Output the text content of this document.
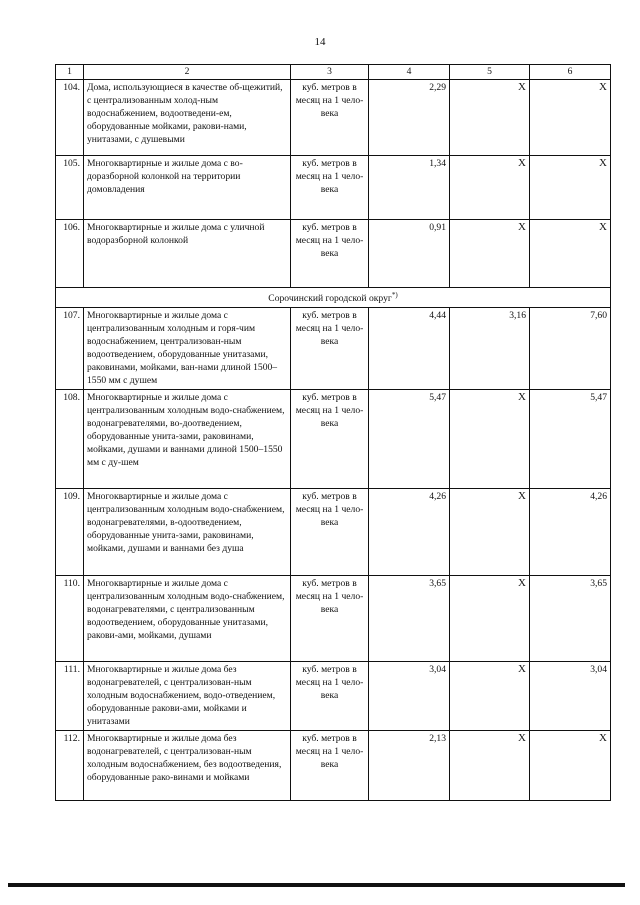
14
1	2	3	4	5	6
104.	Дома, использующиеся в качестве об-щежитий, с централизованным холод-ным водоснабжением, водоотведени-ем, оборудованные мойками, ракови-нами, унитазами, с душевыми	куб. метров в месяц на 1 чело-века	2,29	X	X
105.	Многоквартирные и жилые дома с во-доразборной колонкой на территории домовладения	куб. метров в месяц на 1 чело-века	1,34	X	X
106.	Многоквартирные и жилые дома с уличной водоразборной колонкой	куб. метров в месяц на 1 чело-века	0,91	X	X
Сорочинский городской округ*)
107.	Многоквартирные и жилые дома с централизованным холодным и горя-чим водоснабжением, централизован-ным водоотведением, оборудованные унитазами, раковинами, мойками, ван-нами длиной 1500–1550 мм с душем	куб. метров в месяц на 1 чело-века	4,44	3,16	7,60
108.	Многоквартирные и жилые дома с централизованным холодным водо-снабжением, водонагревателями, во-доотведением, оборудованные унита-зами, раковинами, мойками, душами и ваннами длиной 1500–1550 мм с ду-шем	куб. метров в месяц на 1 чело-века	5,47	X	5,47
109.	Многоквартирные и жилые дома с централизованным холодным водо-снабжением, водонагревателями, в-одоотведением, оборудованные унита-зами, раковинами, мойками, душами и ваннами без душа	куб. метров в месяц на 1 чело-века	4,26	X	4,26
110.	Многоквартирные и жилые дома с централизованным холодным водо-снабжением, водонагревателями, с централизованным водоотведением, оборудованные унитазами, ракови-ами, мойками, душами	куб. метров в месяц на 1 чело-века	3,65	X	3,65
111.	Многоквартирные и жилые дома без водонагревателей, с централизован-ным холодным водоснабжением, водо-отведением, оборудованные ракови-ами, мойками и унитазами	куб. метров в месяц на 1 чело-века	3,04	X	3,04
112.	Многоквартирные и жилые дома без водонагревателей, с централизован-ным холодным водоснабжением, без водоотведения, оборудованные рако-винами и мойками	куб. метров в месяц на 1 чело-века	2,13	X	X
